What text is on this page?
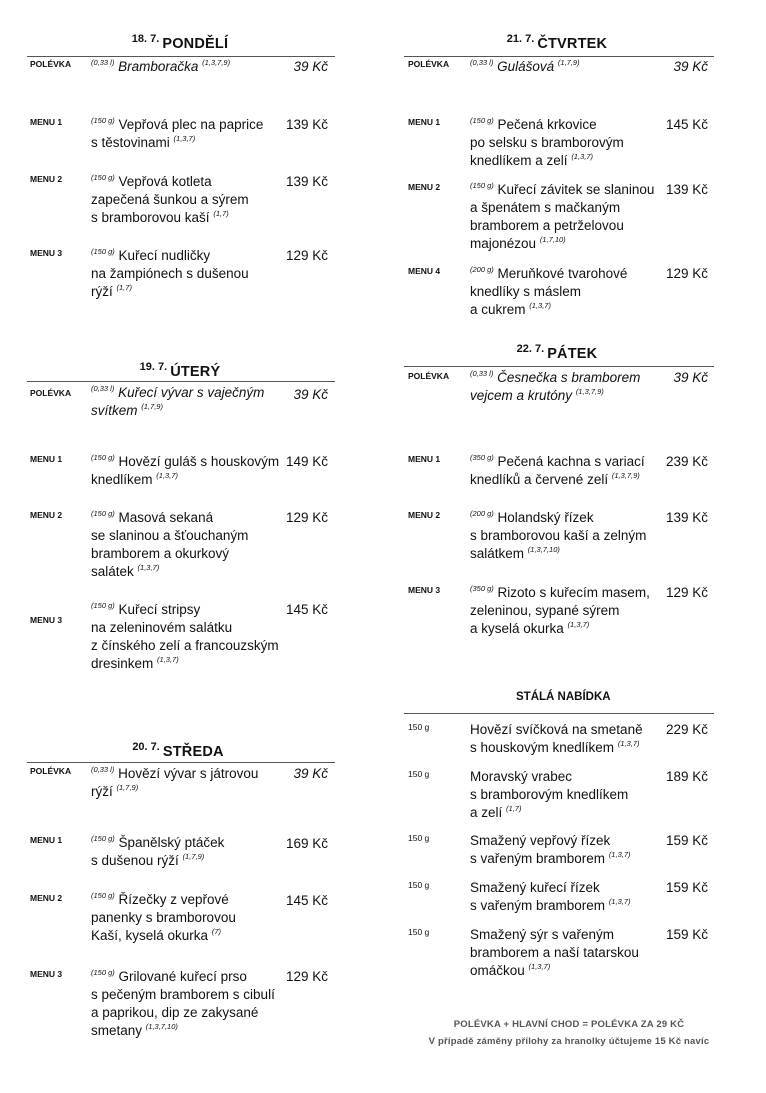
$^{18. 7.}$ PONDĚLÍ
POLÉVKA	$^{(0,33 l)}$ Bramboračka $^{(1,3,7,9)}$	39 Kč
MENU 1	$^{(150 g)}$ Vepřová plec na paprice
s těstovinami $^{(1,3,7)}$
139 Kč
MENU 2	$^{(150 g)}$ Vepřová kotleta
zapečená šunkou a sýrem
s bramborovou kaší $^{(1,7)}$
139 Kč
MENU 3	$^{(150 g)}$ Kuřecí nudličky
na žampiónech s dušenou
rýží $^{(1,7)}$
129 Kč
$^{19. 7.}$ ÚTERÝ
POLÉVKA	$^{(0,33 l)}$ Kuřecí vývar s vaječným
svítkem $^{(1,7,9)}$
39 Kč
MENU 1	$^{(150 g)}$ Hovězí guláš s houskovým
knedlíkem $^{(1,3,7)}$
149 Kč
MENU 2	$^{(150 g)}$ Masová sekaná
se slaninou a šťouchaným
bramborem a okurkový
salátek $^{(1,3,7)}$
129 Kč
MENU 3
$^{(150 g)}$ Kuřecí stripsy
na zeleninovém salátku
z čínského zelí a francouzským
dresinkem $^{(1,3,7)}$
145 Kč
$^{20. 7.}$ STŘEDA
POLÉVKA	$^{(0,33 l)}$ Hovězí vývar s játrovou
rýží $^{(1,7,9)}$
39 Kč
MENU 1	$^{(150 g)}$ Španělský ptáček
s dušenou rýží $^{(1,7,9)}$
169 Kč
MENU 2	$^{(150 g)}$ Řízečky z vepřové
panenky s bramborovou
Kaší, kyselá okurka $^{(7)}$
145 Kč
MENU 3	$^{(150 g)}$ Grilované kuřecí prso
s pečeným bramborem s cibulí
a paprikou, dip ze zakysané
smetany $^{(1,3,7,10)}$
129 Kč
$^{21. 7.}$ ČTVRTEK
POLÉVKA	$^{(0,33 l)}$ Gulášová $^{(1,7,9)}$	39 Kč
MENU 1	$^{(150 g)}$ Pečená krkovice
po selsku s bramborovým
knedlíkem a zelí $^{(1,3,7)}$
145 Kč
MENU 2	$^{(150 g)}$ Kuřecí závitek se slaninou
a špenátem s mačkaným
bramborem a petrželovou
majonézou $^{(1,7,10)}$
139 Kč
MENU 4	$^{(200 g)}$ Meruňkové tvarohové
knedlíky s máslem
a cukrem $^{(1,3,7)}$
129 Kč
$^{22. 7.}$ PÁTEK
POLÉVKA	$^{(0,33 l)}$ Česnečka s bramborem
vejcem a krutóny $^{(1,3,7,9)}$
39 Kč
MENU 1	$^{(350 g)}$ Pečená kachna s variací
knedlíků a červené zelí $^{(1,3,7,9)}$
239 Kč
MENU 2	$^{(200 g)}$ Holandský řízek
s bramborovou kaší a zelným
salátkem $^{(1,3,7,10)}$
139 Kč
MENU 3	$^{(350 g)}$ Rizoto s kuřecím masem,
zeleninou, sypané sýrem
a kyselá okurka $^{(1,3,7)}$
129 Kč
STÁLÁ NABÍDKA
150 g	Hovězí svíčková na smetaně
s houskovým knedlíkem $^{(1,3,7)}$
229 Kč
150 g	Moravský vrabec
s bramborovým knedlíkem
a zelí $^{(1,7)}$
189 Kč
150 g	Smažený vepřový řízek
s vařeným bramborem $^{(1,3,7)}$
159 Kč
150 g	Smažený kuřecí řízek
s vařeným bramborem $^{(1,3,7)}$
159 Kč
150 g	Smažený sýr s vařeným
bramborem a naší tatarskou
omáčkou $^{(1,3,7)}$
159 Kč
POLÉVKA + HLAVNÍ CHOD = POLÉVKA ZA 29 KČ
V případě záměny přílohy za hranolky účtujeme 15 Kč navíc
